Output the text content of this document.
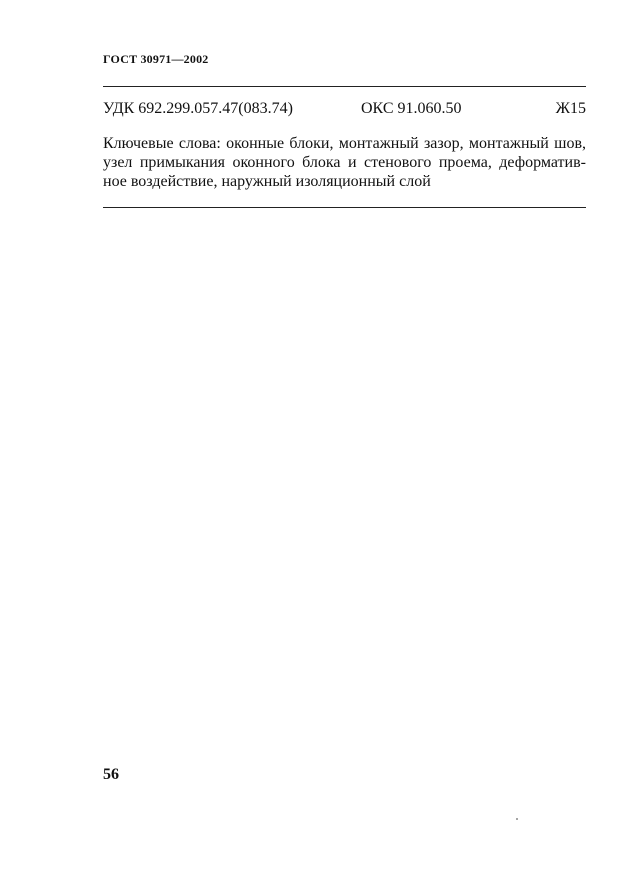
ГОСТ 30971—2002
УДК 692.299.057.47(083.74)	ОКС 91.060.50	Ж15

Ключевые слова: оконные блоки, монтажный зазор, монтажный шов,
узел примыкания оконного блока и стенового проема, деформатив-
ное воздействие, наружный изоляционный слой

56
